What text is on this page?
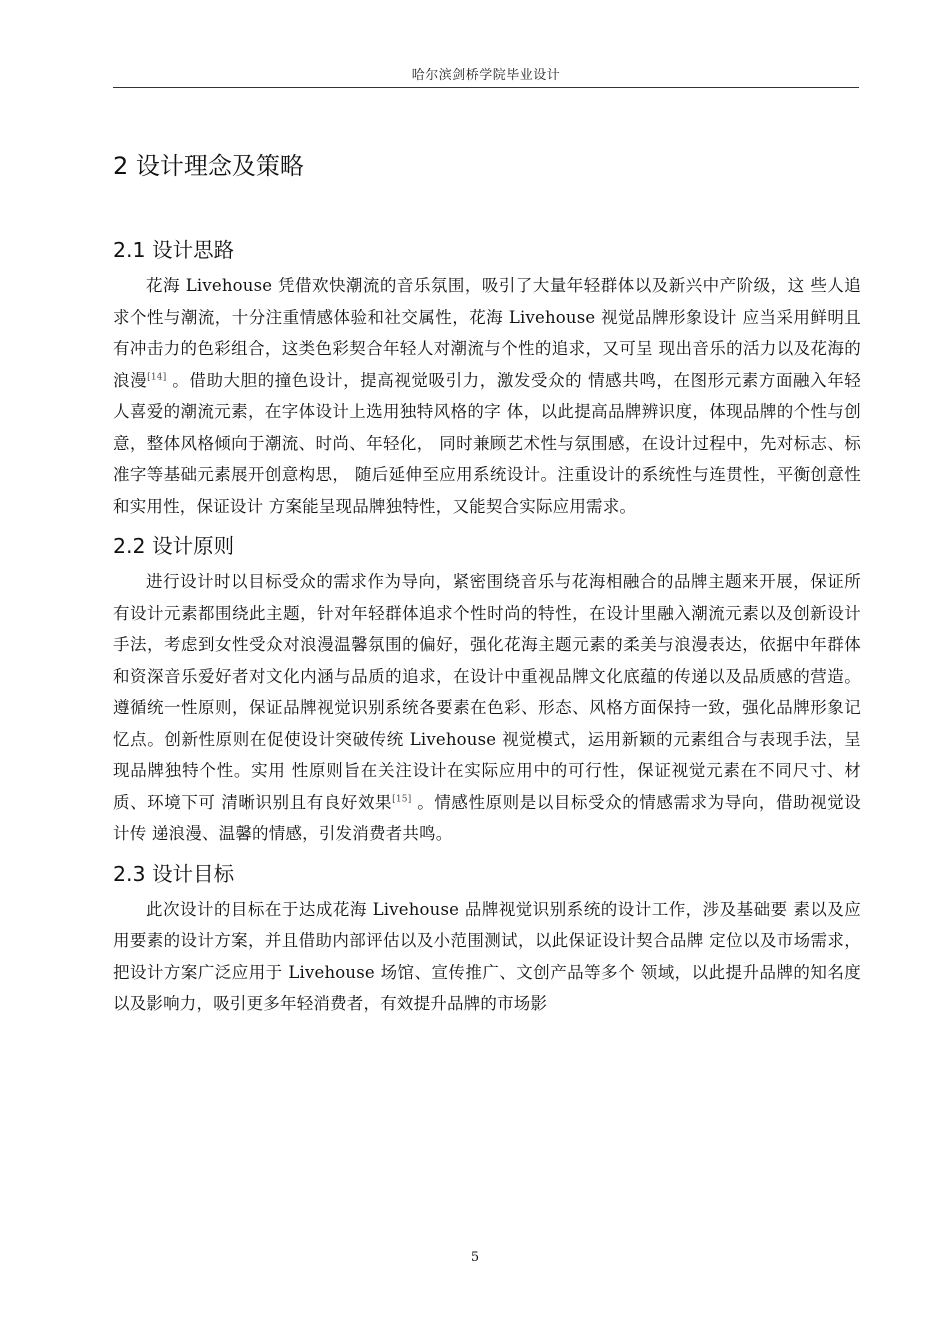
哈尔滨剑桥学院毕业设计
2 设计理念及策略
2.1 设计思路

花海 Livehouse 凭借欢快潮流的音乐氛围，吸引了大量年轻群体以及新兴中产阶级，这 些人追求个性与潮流，十分注重情感体验和社交属性，花海 Livehouse 视觉品牌形象设计 应当采用鲜明且有冲击力的色彩组合，这类色彩契合年轻人对潮流与个性的追求，又可呈 现出音乐的活力以及花海的浪漫[14] 。借助大胆的撞色设计，提高视觉吸引力，激发受众的 情感共鸣，在图形元素方面融入年轻人喜爱的潮流元素，在字体设计上选用独特风格的字 体，以此提高品牌辨识度，体现品牌的个性与创意，整体风格倾向于潮流、时尚、年轻化， 同时兼顾艺术性与氛围感，在设计过程中，先对标志、标准字等基础元素展开创意构思， 随后延伸至应用系统设计。注重设计的系统性与连贯性，平衡创意性和实用性，保证设计 方案能呈现品牌独特性，又能契合实际应用需求。

2.2 设计原则

进行设计时以目标受众的需求作为导向，紧密围绕音乐与花海相融合的品牌主题来开展，保证所有设计元素都围绕此主题，针对年轻群体追求个性时尚的特性，在设计里融入潮流元素以及创新设计手法，考虑到女性受众对浪漫温馨氛围的偏好，强化花海主题元素的柔美与浪漫表达，依据中年群体和资深音乐爱好者对文化内涵与品质的追求，在设计中重视品牌文化底蕴的传递以及品质感的营造。遵循统一性原则，保证品牌视觉识别系统各要素在色彩、形态、风格方面保持一致，强化品牌形象记忆点。创新性原则在促使设计突破传统 Livehouse 视觉模式，运用新颖的元素组合与表现手法，呈现品牌独特个性。实用 性原则旨在关注设计在实际应用中的可行性，保证视觉元素在不同尺寸、材质、环境下可 清晰识别且有良好效果[15] 。情感性原则是以目标受众的情感需求为导向，借助视觉设计传 递浪漫、温馨的情感，引发消费者共鸣。

2.3 设计目标

此次设计的目标在于达成花海 Livehouse 品牌视觉识别系统的设计工作，涉及基础要 素以及应用要素的设计方案，并且借助内部评估以及小范围测试，以此保证设计契合品牌 定位以及市场需求，把设计方案广泛应用于 Livehouse 场馆、宣传推广、文创产品等多个 领域，以此提升品牌的知名度以及影响力，吸引更多年轻消费者，有效提升品牌的市场影

5
